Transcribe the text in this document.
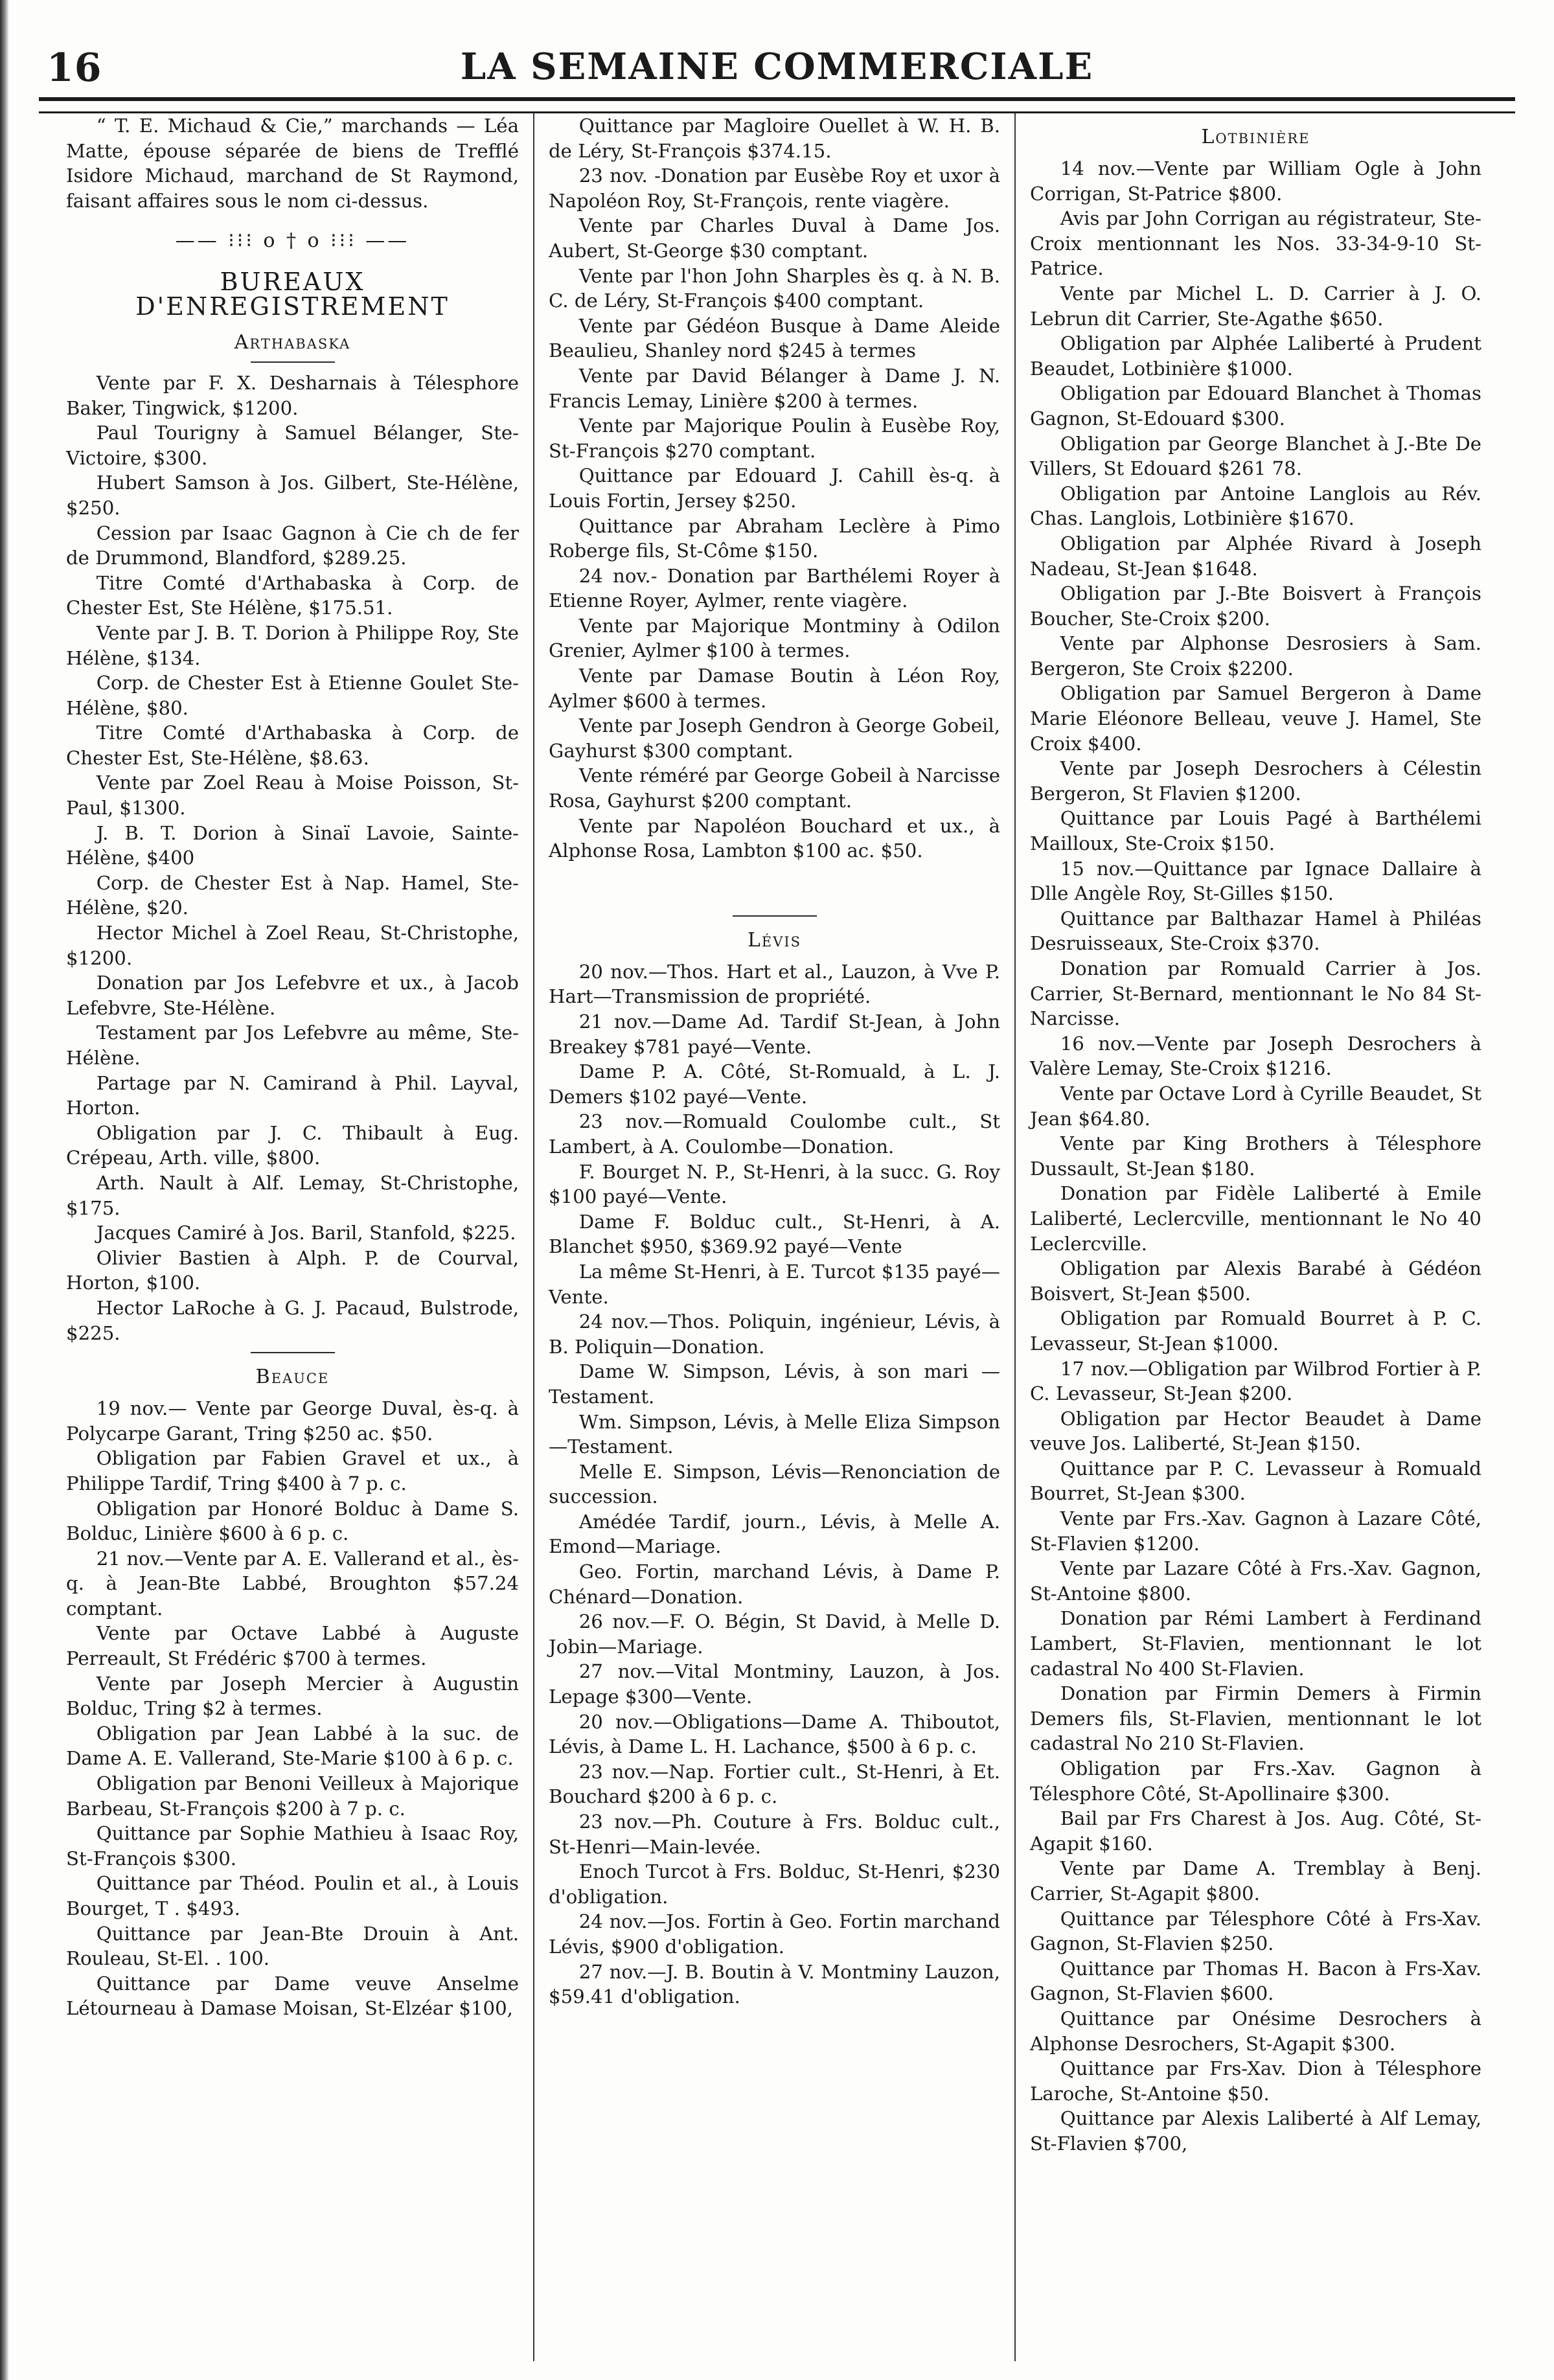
16	LA SEMAINE COMMERCIALE

“ T. E. Michaud & Cie,” marchands — Léa Matte, épouse séparée de biens de Trefflé Isidore Michaud, marchand de St Raymond, faisant affaires sous le nom ci-dessus.

—— ⁝⁝⁝ o † o ⁝⁝⁝ ——
BUREAUX D'ENREGISTREMENT
Arthabaska

Vente par F. X. Desharnais à Télesphore Baker, Tingwick, $1200.

Paul Tourigny à Samuel Bélanger, Ste-Victoire, $300.

Hubert Samson à Jos. Gilbert, Ste-Hélène, $250.

Cession par Isaac Gagnon à Cie ch de fer de Drummond, Blandford, $289.25.

Titre Comté d'Arthabaska à Corp. de Chester Est, Ste Hélène, $175.51.

Vente par J. B. T. Dorion à Philippe Roy, Ste Hélène, $134.

Corp. de Chester Est à Etienne Goulet Ste-Hélène, $80.

Titre Comté d'Arthabaska à Corp. de Chester Est, Ste-Hélène, $8.63.

Vente par Zoel Reau à Moise Poisson, St-Paul, $1300.

J. B. T. Dorion à Sinaï Lavoie, Sainte-Hélène, $400

Corp. de Chester Est à Nap. Hamel, Ste-Hélène, $20.

Hector Michel à Zoel Reau, St-Christophe, $1200.

Donation par Jos Lefebvre et ux., à Jacob Lefebvre, Ste-Hélène.

Testament par Jos Lefebvre au même, Ste-Hélène.

Partage par N. Camirand à Phil. Layval, Horton.

Obligation par J. C. Thibault à Eug. Crépeau, Arth. ville, $800.

Arth. Nault à Alf. Lemay, St-Christophe, $175.

Jacques Camiré à Jos. Baril, Stanfold, $225.

Olivier Bastien à Alph. P. de Courval, Horton, $100.

Hector LaRoche à G. J. Pacaud, Bulstrode, $225.

Beauce

19 nov.— Vente par George Duval, ès-q. à Polycarpe Garant, Tring $250 ac. $50.

Obligation par Fabien Gravel et ux., à Philippe Tardif, Tring $400 à 7 p. c.

Obligation par Honoré Bolduc à Dame S. Bolduc, Linière $600 à 6 p. c.

21 nov.—Vente par A. E. Vallerand et al., ès-q. à Jean-Bte Labbé, Broughton $57.24 comptant.

Vente par Octave Labbé à Auguste Perreault, St Frédéric $700 à termes.

Vente par Joseph Mercier à Augustin Bolduc, Tring $2 à termes.

Obligation par Jean Labbé à la suc. de Dame A. E. Vallerand, Ste-Marie $100 à 6 p. c.

Obligation par Benoni Veilleux à Majorique Barbeau, St-François $200 à 7 p. c.

Quittance par Sophie Mathieu à Isaac Roy, St-François $300.

Quittance par Théod. Poulin et al., à Louis Bourget, T . $493.

Quittance par Jean-Bte Drouin à Ant. Rouleau, St-El. . 100.

Quittance par Dame veuve Anselme Létourneau à Damase Moisan, St-Elzéar $100,

Quittance par Magloire Ouellet à W. H. B. de Léry, St-François $374.15.

23 nov. -Donation par Eusèbe Roy et uxor à Napoléon Roy, St-François, rente viagère.

Vente par Charles Duval à Dame Jos. Aubert, St-George $30 comptant.

Vente par l'hon John Sharples ès q. à N. B. C. de Léry, St-François $400 comptant.

Vente par Gédéon Busque à Dame Aleide Beaulieu, Shanley nord $245 à termes

Vente par David Bélanger à Dame J. N. Francis Lemay, Linière $200 à termes.

Vente par Majorique Poulin à Eusèbe Roy, St-François $270 comptant.

Quittance par Edouard J. Cahill ès-q. à Louis Fortin, Jersey $250.

Quittance par Abraham Leclère à Pimo Roberge fils, St-Côme $150.

24 nov.- Donation par Barthélemi Royer à Etienne Royer, Aylmer, rente viagère.

Vente par Majorique Montminy à Odilon Grenier, Aylmer $100 à termes.

Vente par Damase Boutin à Léon Roy, Aylmer $600 à termes.

Vente par Joseph Gendron à George Gobeil, Gayhurst $300 comptant.

Vente réméré par George Gobeil à Narcisse Rosa, Gayhurst $200 comptant.

Vente par Napoléon Bouchard et ux., à Alphonse Rosa, Lambton $100 ac. $50.

Lévis

20 nov.—Thos. Hart et al., Lauzon, à Vve P. Hart—Transmission de propriété.

21 nov.—Dame Ad. Tardif St-Jean, à John Breakey $781 payé—Vente.

Dame P. A. Côté, St-Romuald, à L. J. Demers $102 payé—Vente.

23 nov.—Romuald Coulombe cult., St Lambert, à A. Coulombe—Donation.

F. Bourget N. P., St-Henri, à la succ. G. Roy $100 payé—Vente.

Dame F. Bolduc cult., St-Henri, à A. Blanchet $950, $369.92 payé—Vente

La même St-Henri, à E. Turcot $135 payé—Vente.

24 nov.—Thos. Poliquin, ingénieur, Lévis, à B. Poliquin—Donation.

Dame W. Simpson, Lévis, à son mari —Testament.

Wm. Simpson, Lévis, à Melle Eliza Simpson—Testament.

Melle E. Simpson, Lévis—Renonciation de succession.

Amédée Tardif, journ., Lévis, à Melle A. Emond—Mariage.

Geo. Fortin, marchand Lévis, à Dame P. Chénard—Donation.

26 nov.—F. O. Bégin, St David, à Melle D. Jobin—Mariage.

27 nov.—Vital Montminy, Lauzon, à Jos. Lepage $300—Vente.

20 nov.—Obligations—Dame A. Thiboutot, Lévis, à Dame L. H. Lachance, $500 à 6 p. c.

23 nov.—Nap. Fortier cult., St-Henri, à Et. Bouchard $200 à 6 p. c.

23 nov.—Ph. Couture à Frs. Bolduc cult., St-Henri—Main-levée.

Enoch Turcot à Frs. Bolduc, St-Henri, $230 d'obligation.

24 nov.—Jos. Fortin à Geo. Fortin marchand Lévis, $900 d'obligation.

27 nov.—J. B. Boutin à V. Montminy Lauzon, $59.41 d'obligation.

Lotbinière

14 nov.—Vente par William Ogle à John Corrigan, St-Patrice $800.

Avis par John Corrigan au régistrateur, Ste-Croix mentionnant les Nos. 33-34-9-10 St-Patrice.

Vente par Michel L. D. Carrier à J. O. Lebrun dit Carrier, Ste-Agathe $650.

Obligation par Alphée Laliberté à Prudent Beaudet, Lotbinière $1000.

Obligation par Edouard Blanchet à Thomas Gagnon, St-Edouard $300.

Obligation par George Blanchet à J.-Bte De Villers, St Edouard $261 78.

Obligation par Antoine Langlois au Rév. Chas. Langlois, Lotbinière $1670.

Obligation par Alphée Rivard à Joseph Nadeau, St-Jean $1648.

Obligation par J.-Bte Boisvert à François Boucher, Ste-Croix $200.

Vente par Alphonse Desrosiers à Sam. Bergeron, Ste Croix $2200.

Obligation par Samuel Bergeron à Dame Marie Eléonore Belleau, veuve J. Hamel, Ste Croix $400.

Vente par Joseph Desrochers à Célestin Bergeron, St Flavien $1200.

Quittance par Louis Pagé à Barthélemi Mailloux, Ste-Croix $150.

15 nov.—Quittance par Ignace Dallaire à Dlle Angèle Roy, St-Gilles $150.

Quittance par Balthazar Hamel à Philéas Desruisseaux, Ste-Croix $370.

Donation par Romuald Carrier à Jos. Carrier, St-Bernard, mentionnant le No 84 St-Narcisse.

16 nov.—Vente par Joseph Desrochers à Valère Lemay, Ste-Croix $1216.

Vente par Octave Lord à Cyrille Beaudet, St Jean $64.80.

Vente par King Brothers à Télesphore Dussault, St-Jean $180.

Donation par Fidèle Laliberté à Emile Laliberté, Leclercville, mentionnant le No 40 Leclercville.

Obligation par Alexis Barabé à Gédéon Boisvert, St-Jean $500.

Obligation par Romuald Bourret à P. C. Levasseur, St-Jean $1000.

17 nov.—Obligation par Wilbrod Fortier à P. C. Levasseur, St-Jean $200.

Obligation par Hector Beaudet à Dame veuve Jos. Laliberté, St-Jean $150.

Quittance par P. C. Levasseur à Romuald Bourret, St-Jean $300.

Vente par Frs.-Xav. Gagnon à Lazare Côté, St-Flavien $1200.

Vente par Lazare Côté à Frs.-Xav. Gagnon, St-Antoine $800.

Donation par Rémi Lambert à Ferdinand Lambert, St-Flavien, mentionnant le lot cadastral No 400 St-Flavien.

Donation par Firmin Demers à Firmin Demers fils, St-Flavien, mentionnant le lot cadastral No 210 St-Flavien.

Obligation par Frs.-Xav. Gagnon à Télesphore Côté, St-Apollinaire $300.

Bail par Frs Charest à Jos. Aug. Côté, St-Agapit $160.

Vente par Dame A. Tremblay à Benj. Carrier, St-Agapit $800.

Quittance par Télesphore Côté à Frs-Xav. Gagnon, St-Flavien $250.

Quittance par Thomas H. Bacon à Frs-Xav. Gagnon, St-Flavien $600.

Quittance par Onésime Desrochers à Alphonse Desrochers, St-Agapit $300.

Quittance par Frs-Xav. Dion à Télesphore Laroche, St-Antoine $50.

Quittance par Alexis Laliberté à Alf Lemay, St-Flavien $700,
